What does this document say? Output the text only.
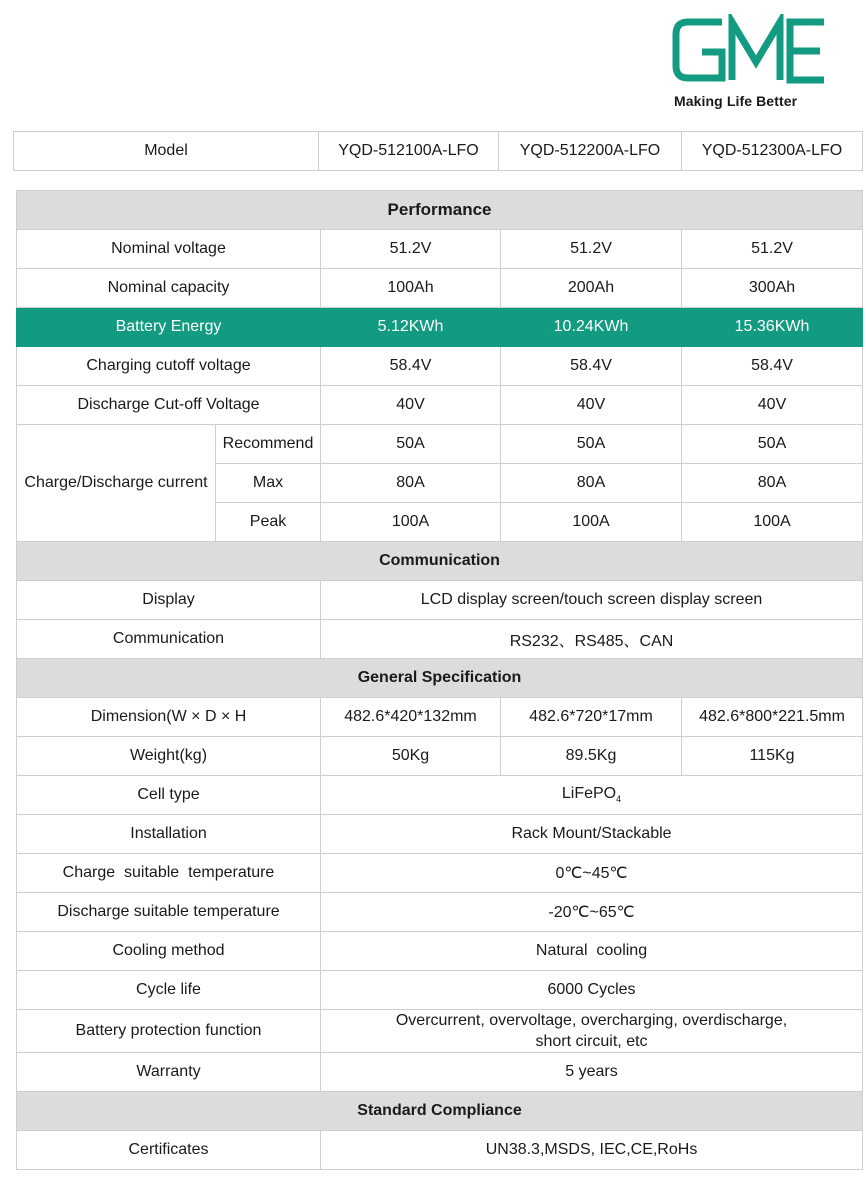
Making Life Better
Model	YQD-512100A-LFO	YQD-512200A-LFO	YQD-512300A-LFO
Performance				
Nominal voltage		51.2V	51.2V	51.2V
Nominal capacity		100Ah	200Ah	300Ah
Battery Energy		5.12KWh	10.24KWh	15.36KWh
Charging cutoff voltage		58.4V	58.4V	58.4V
Discharge Cut-off Voltage		40V	40V	40V
Charge/Discharge current	Recommend	50A	50A	50A
	Max	80A	80A	80A
	Peak	100A	100A	100A
Communication				
Display		LCD display screen/touch screen display screen		
Communication		RS232、RS485、CAN		
General Specification				
Dimension(W × D × H		482.6*420*132mm	482.6*720*17mm	482.6*800*221.5mm
Weight(kg)		50Kg	89.5Kg	115Kg
Cell type		LiFePO$_4$
Installation		Rack Mount/Stackable		
Charge  suitable  temperature		0℃~45℃		
Discharge suitable temperature		-20℃~65℃		
Cooling method		Natural  cooling		
Cycle life		6000 Cycles		
Battery protection function		Overcurrent, overvoltage, overcharging, overdischarge,
short circuit, etc		

Warranty		5 years		
Standard Compliance				
Certificates		UN38.3,MSDS, IEC,CE,RoHs		
